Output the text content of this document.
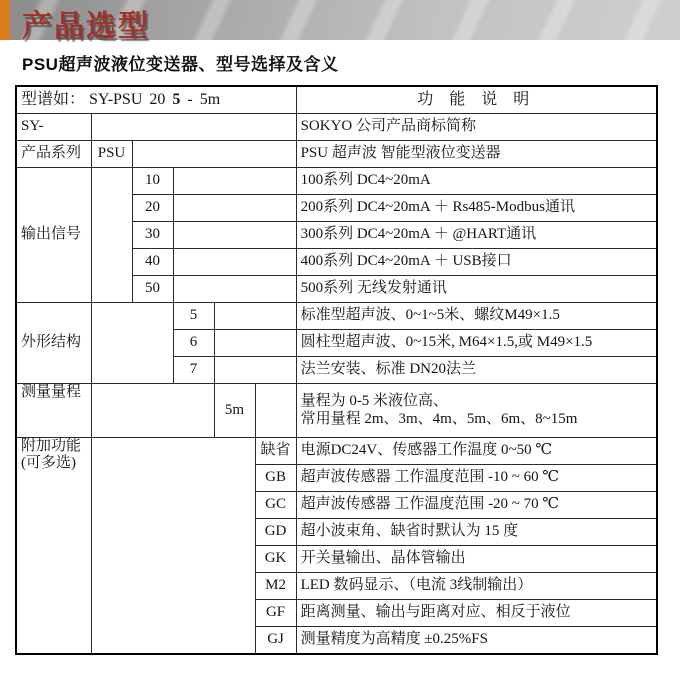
产品选型
PSU超声波液位变送器、型号选择及含义
型谱如： SY-PSU 20 5 - 5m						功 能 说 明
SY-						SOKYO 公司产品商标简称
产品系列	PSU					PSU 超声波 智能型液位变送器
输出信号		10				100系列 DC4~20mA
		20				200系列 DC4~20mA ＋ Rs485-Modbus通讯
		30				300系列 DC4~20mA ＋ @HART通讯
		40				400系列 DC4~20mA ＋ USB接口
		50				500系列 无线发射通讯
外形结构			5			标准型超声波、0~1~5米、螺纹M49×1.5
			6			圆柱型超声波、0~15米, M64×1.5,或 M49×1.5
			7			法兰安装、标准 DN20法兰
测量量程				5m		量程为 0-5 米液位高、
常用量程 2m、3m、4m、5m、6m、8~15m

附加功能
(可多选)					缺省	电源DC24V、传感器工作温度 0~50 ℃
					GB	超声波传感器 工作温度范围 -10 ~ 60 ℃
					GC	超声波传感器 工作温度范围 -20 ~ 70 ℃
					GD	超小波束角、缺省时默认为 15 度
					GK	开关量输出、晶体管输出
					M2	LED 数码显示、（电流 3线制输出）
					GF	距离测量、输出与距离对应、相反于液位
					GJ	测量精度为高精度 ±0.25%FS
